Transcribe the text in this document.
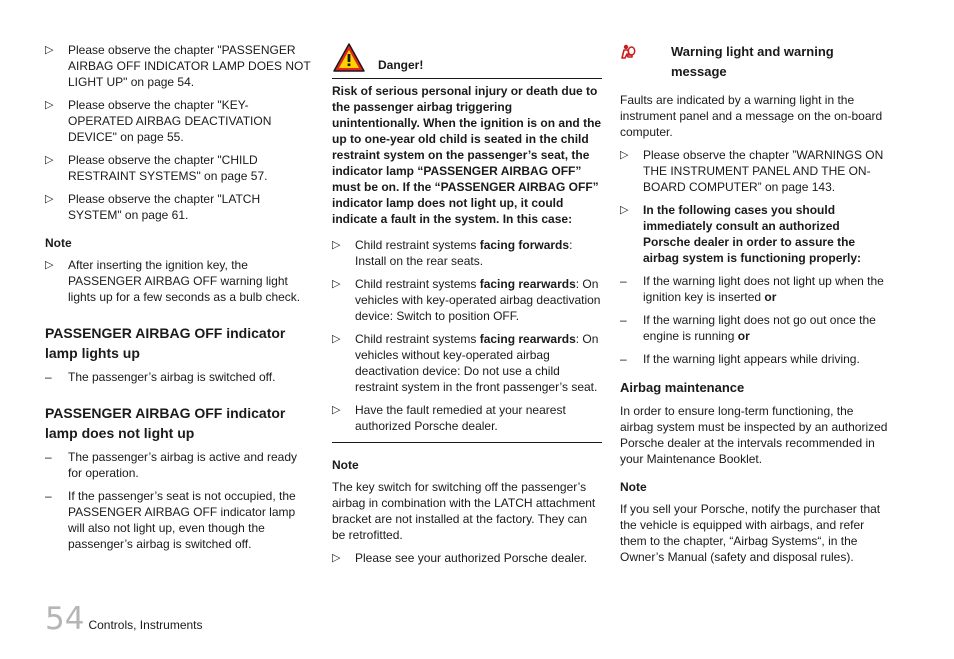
▷	Please observe the chapter "PASSENGER AIRBAG OFF INDICATOR LAMP DOES NOT LIGHT UP" on page 54.
▷	Please observe the chapter "KEY-OPERATED AIRBAG DEACTIVATION DEVICE" on page 55.
▷	Please observe the chapter "CHILD RESTRAINT SYSTEMS" on page 57.
▷	Please observe the chapter "LATCH SYSTEM" on page 61.
Note
▷	After inserting the ignition key, the PASSENGER AIRBAG OFF warning light lights up for a few seconds as a bulb check.
PASSENGER AIRBAG OFF indicator lamp lights up
–	The passenger’s airbag is switched off.
PASSENGER AIRBAG OFF indicator lamp does not light up
–	The passenger’s airbag is active and ready for operation.
–	If the passenger’s seat is not occupied, the PASSENGER AIRBAG OFF indicator lamp will also not light up, even though the passenger’s airbag is switched off.
Danger!
Risk of serious personal injury or death due to the passenger airbag triggering unintentionally. When the ignition is on and the up to one-year old child is seated in the child restraint system on the passenger’s seat, the indicator lamp “PASSENGER AIRBAG OFF” must be on. If the “PASSENGER AIRBAG OFF” indicator lamp does not light up, it could indicate a fault in the system. In this case:
▷	Child restraint systems facing forwards: Install on the rear seats.
▷	Child restraint systems facing rearwards: On vehicles with key-operated airbag deactivation device: Switch to position OFF.
▷	Child restraint systems facing rearwards: On vehicles without key-operated airbag deactivation device: Do not use a child restraint system in the front passenger’s seat.
▷	Have the fault remedied at your nearest authorized Porsche dealer.
Note
The key switch for switching off the passenger’s airbag in combination with the LATCH attachment bracket are not installed at the factory. They can be retrofitted.
▷	Please see your authorized Porsche dealer.
Warning light and warning message
Faults are indicated by a warning light in the instrument panel and a message on the on-board computer.
▷	Please observe the chapter ”WARNINGS ON THE INSTRUMENT PANEL AND THE ON-BOARD COMPUTER” on page 143.
▷	In the following cases you should immediately consult an authorized Porsche dealer in order to assure the airbag system is functioning properly:
–	If the warning light does not light up when the ignition key is inserted or
–	If the warning light does not go out once the engine is running or
–	If the warning light appears while driving.
Airbag maintenance
In order to ensure long-term functioning, the airbag system must be inspected by an authorized Porsche dealer at the intervals recommended in your Maintenance Booklet.
Note
If you sell your Porsche, notify the purchaser that the vehicle is equipped with airbags, and refer them to the chapter, “Airbag Systems“, in the Owner’s Manual (safety and disposal rules).
54 Controls, Instruments
